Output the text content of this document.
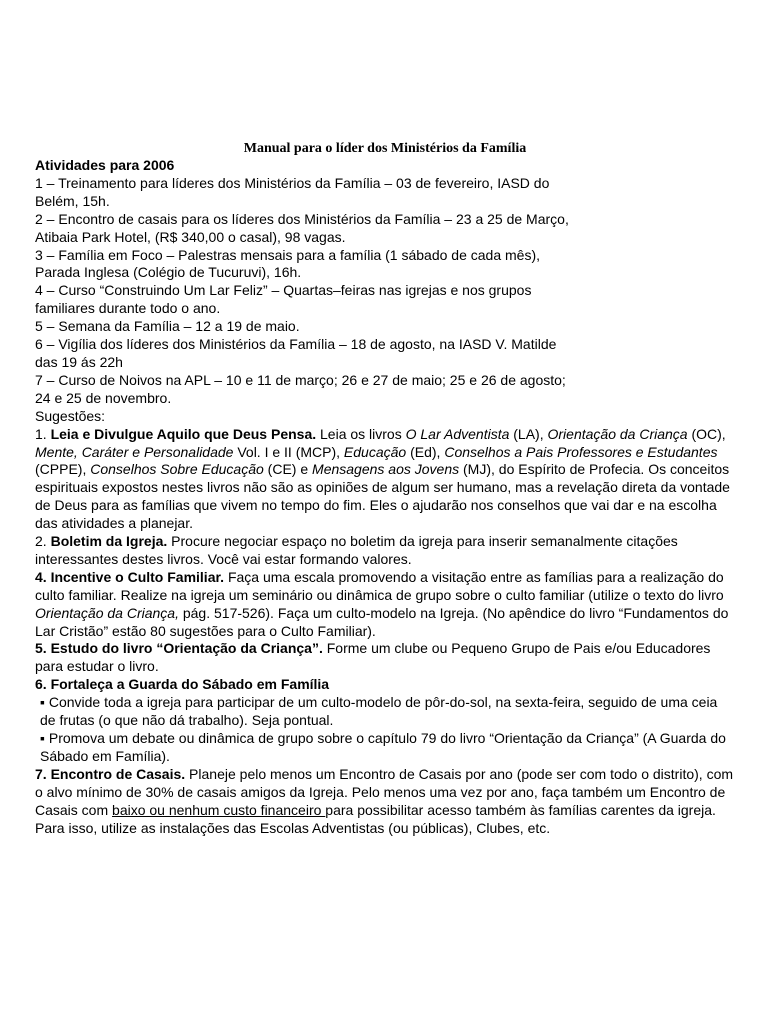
Manual para o líder dos Ministérios da Família
Atividades para 2006
1 – Treinamento para líderes dos Ministérios da Família – 03 de fevereiro, IASD do
Belém, 15h.
2 – Encontro de casais para os líderes dos Ministérios da Família – 23 a 25 de Março,
Atibaia Park Hotel, (R$ 340,00 o casal), 98 vagas.
3 – Família em Foco – Palestras mensais para a família (1 sábado de cada mês),
Parada Inglesa (Colégio de Tucuruvi), 16h.
4 – Curso “Construindo Um Lar Feliz” – Quartas–feiras nas igrejas e nos grupos
familiares durante todo o ano.
5 – Semana da Família – 12 a 19 de maio.
6 – Vigília dos líderes dos Ministérios da Família – 18 de agosto, na IASD V. Matilde
das 19 ás 22h
7 – Curso de Noivos na APL – 10 e 11 de março; 26 e 27 de maio; 25 e 26 de agosto;
24 e 25 de novembro.
Sugestões:
1. Leia e Divulgue Aquilo que Deus Pensa. Leia os livros O Lar Adventista (LA), Orientação da Criança (OC), Mente, Caráter e Personalidade Vol. I e II (MCP), Educação (Ed), Conselhos a Pais Professores e Estudantes (CPPE), Conselhos Sobre Educação (CE) e Mensagens aos Jovens (MJ), do Espírito de Profecia. Os conceitos espirituais expostos nestes livros não são as opiniões de algum ser humano, mas a revelação direta da vontade de Deus para as famílias que vivem no tempo do fim. Eles o ajudarão nos conselhos que vai dar e na escolha das atividades a planejar.
2. Boletim da Igreja. Procure negociar espaço no boletim da igreja para inserir semanalmente citações interessantes destes livros. Você vai estar formando valores.
4. Incentive o Culto Familiar. Faça uma escala promovendo a visitação entre as famílias para a realização do culto familiar. Realize na igreja um seminário ou dinâmica de grupo sobre o culto familiar (utilize o texto do livro Orientação da Criança, pág. 517-526). Faça um culto-modelo na Igreja. (No apêndice do livro “Fundamentos do Lar Cristão” estão 80 sugestões para o Culto Familiar).
5. Estudo do livro “Orientação da Criança”. Forme um clube ou Pequeno Grupo de Pais e/ou Educadores para estudar o livro.
6. Fortaleça a Guarda do Sábado em Família
▪ Convide toda a igreja para participar de um culto-modelo de pôr-do-sol, na sexta-feira, seguido de uma ceia de frutas (o que não dá trabalho). Seja pontual.
▪ Promova um debate ou dinâmica de grupo sobre o capítulo 79 do livro “Orientação da Criança” (A Guarda do Sábado em Família).
7. Encontro de Casais. Planeje pelo menos um Encontro de Casais por ano (pode ser com todo o distrito), com o alvo mínimo de 30% de casais amigos da Igreja. Pelo menos uma vez por ano, faça também um Encontro de Casais com baixo ou nenhum custo financeiro para possibilitar acesso também às famílias carentes da igreja. Para isso, utilize as instalações das Escolas Adventistas (ou públicas), Clubes, etc.
